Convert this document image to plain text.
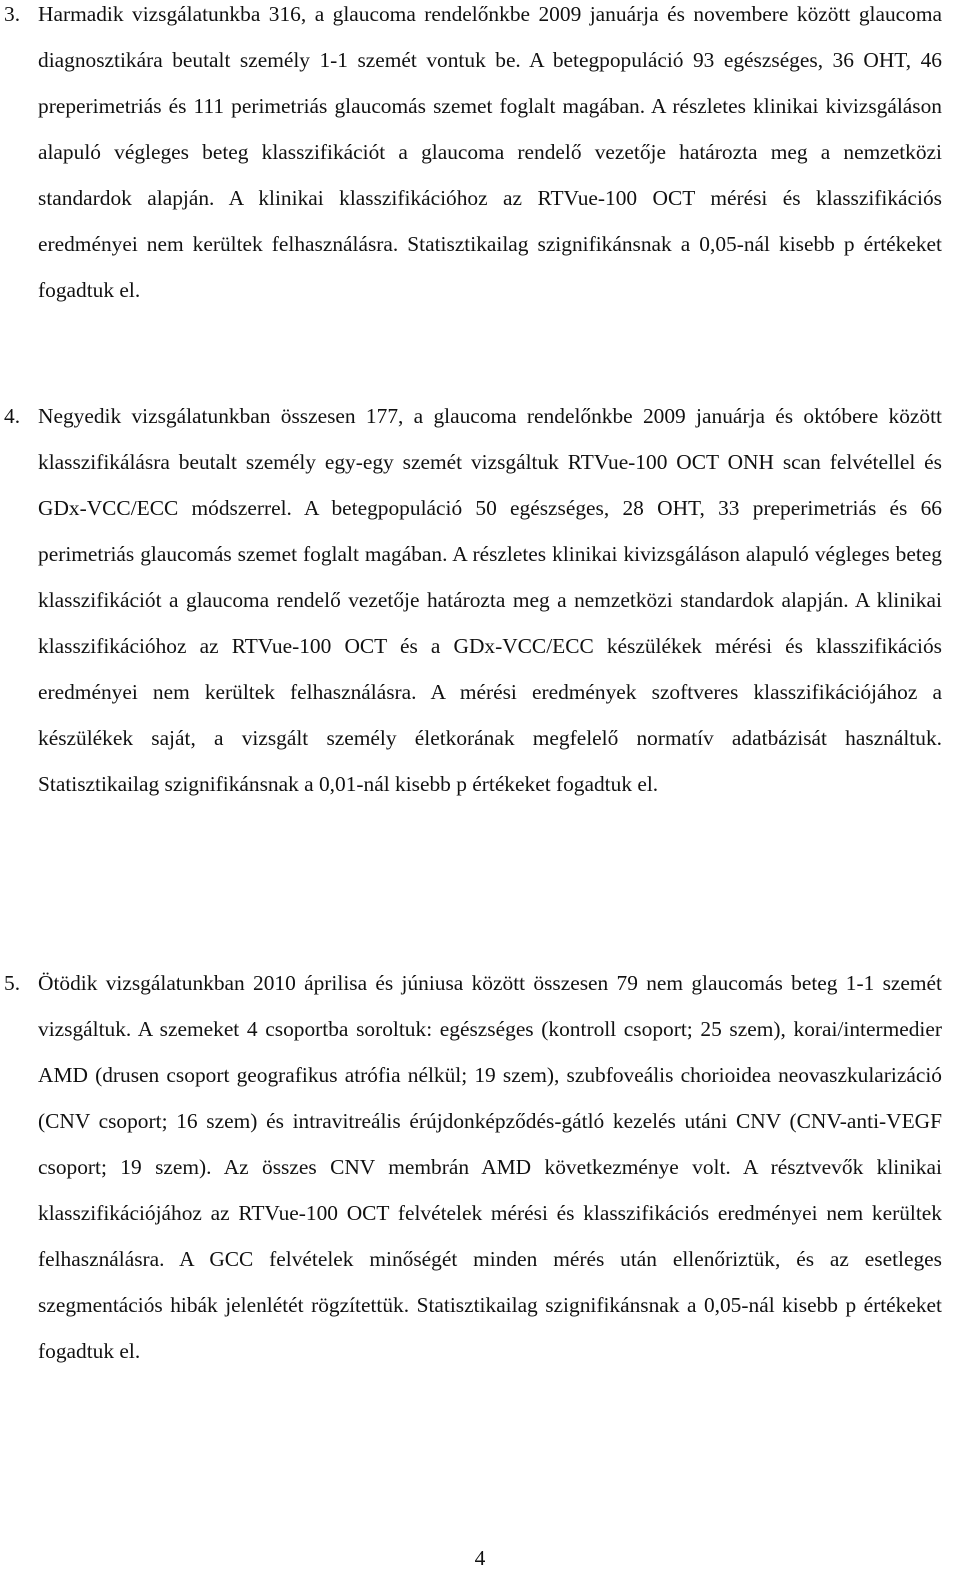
3. Harmadik vizsgálatunkba 316, a glaucoma rendelőnkbe 2009 januárja és novembere között glaucoma diagnosztikára beutalt személy 1-1 szemét vontuk be. A betegpopuláció 93 egészséges, 36 OHT, 46 preperimetriás és 111 perimetriás glaucomás szemet foglalt magában. A részletes klinikai kivizsgáláson alapuló végleges beteg klasszifikációt a glaucoma rendelő vezetője határozta meg a nemzetközi standardok alapján. A klinikai klasszifikációhoz az RTVue-100 OCT mérési és klasszifikációs eredményei nem kerültek felhasználásra. Statisztikailag szignifikánsnak a 0,05-nál kisebb p értékeket fogadtuk el.
4. Negyedik vizsgálatunkban összesen 177, a glaucoma rendelőnkbe 2009 januárja és októbere között klasszifikálásra beutalt személy egy-egy szemét vizsgáltuk RTVue-100 OCT ONH scan felvétellel és GDx-VCC/ECC módszerrel. A betegpopuláció 50 egészséges, 28 OHT, 33 preperimetriás és 66 perimetriás glaucomás szemet foglalt magában. A részletes klinikai kivizsgáláson alapuló végleges beteg klasszifikációt a glaucoma rendelő vezetője határozta meg a nemzetközi standardok alapján. A klinikai klasszifikációhoz az RTVue-100 OCT és a GDx-VCC/ECC készülékek mérési és klasszifikációs eredményei nem kerültek felhasználásra. A mérési eredmények szoftveres klasszifikációjához a készülékek saját, a vizsgált személy életkorának megfelelő normatív adatbázisát használtuk. Statisztikailag szignifikánsnak a 0,01-nál kisebb p értékeket fogadtuk el.
5. Ötödik vizsgálatunkban 2010 áprilisa és júniusa között összesen 79 nem glaucomás beteg 1-1 szemét vizsgáltuk. A szemeket 4 csoportba soroltuk: egészséges (kontroll csoport; 25 szem), korai/intermedier AMD (drusen csoport geografikus atrófia nélkül; 19 szem), szubfoveális chorioidea neovaszkularizáció (CNV csoport; 16 szem) és intravitreális érújdonképződés-gátló kezelés utáni CNV (CNV-anti-VEGF csoport; 19 szem). Az összes CNV membrán AMD következménye volt. A résztvevők klinikai klasszifikációjához az RTVue-100 OCT felvételek mérési és klasszifikációs eredményei nem kerültek felhasználásra. A GCC felvételek minőségét minden mérés után ellenőriztük, és az esetleges szegmentációs hibák jelenlétét rögzítettük. Statisztikailag szignifikánsnak a 0,05-nál kisebb p értékeket fogadtuk el.
4
